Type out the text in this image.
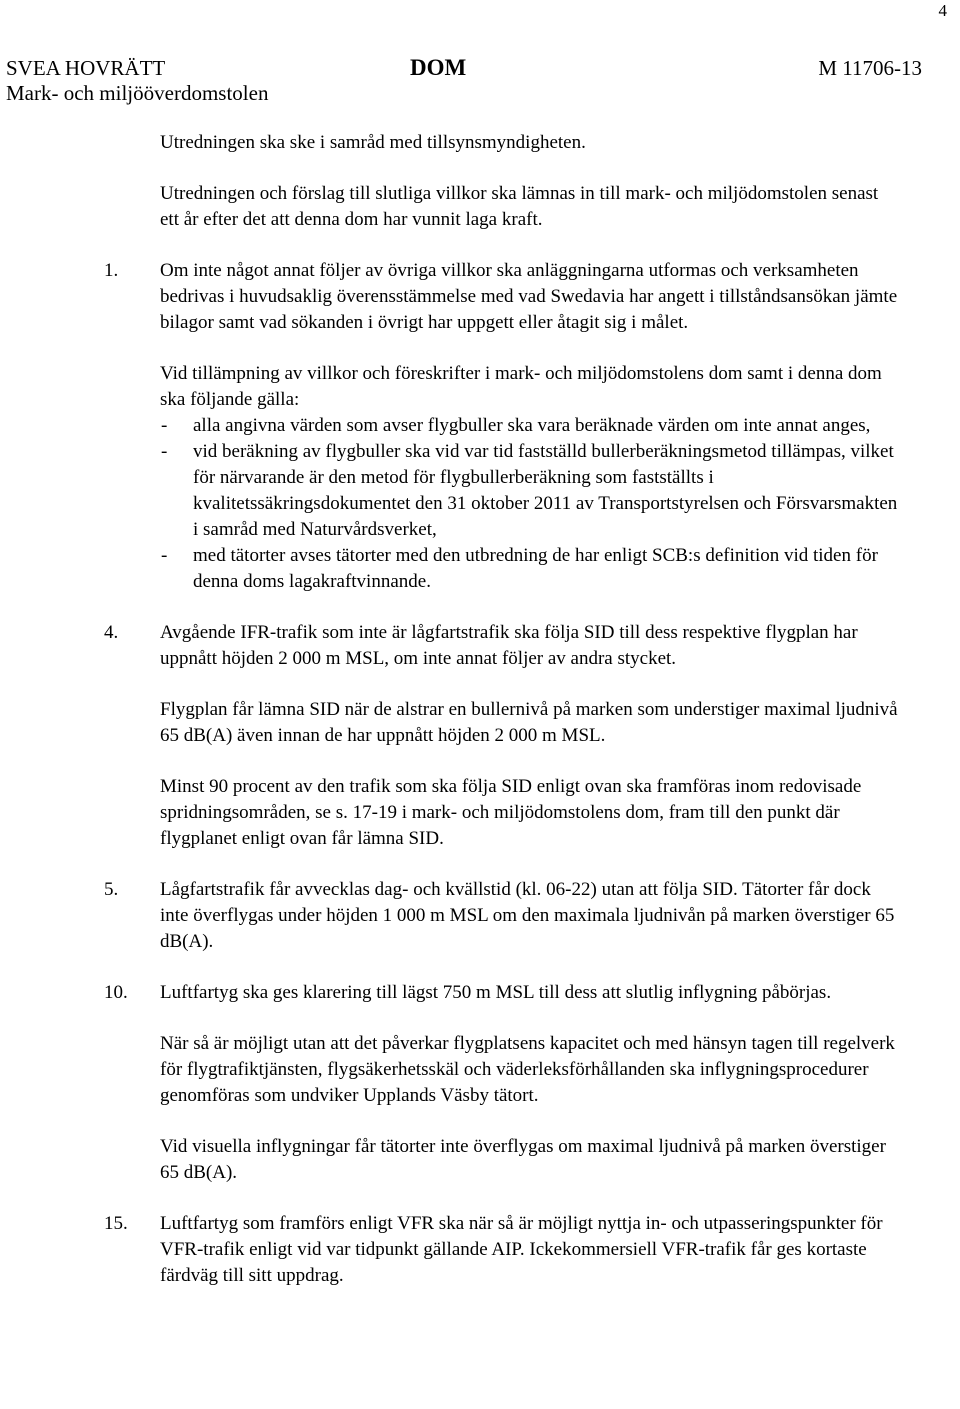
4
SVEA HOVRÄTT
Mark- och miljööverdomstolen
DOM	M 11706-13

Utredningen ska ske i samråd med tillsynsmyndigheten.

Utredningen och förslag till slutliga villkor ska lämnas in till mark- och miljödomstolen senast ett år efter det att denna dom har vunnit laga kraft.

1. Om inte något annat följer av övriga villkor ska anläggningarna utformas och verksamheten bedrivas i huvudsaklig överensstämmelse med vad Swedavia har angett i tillståndsansökan jämte bilagor samt vad sökanden i övrigt har uppgett eller åtagit sig i målet.

Vid tillämpning av villkor och föreskrifter i mark- och miljödomstolens dom samt i denna dom ska följande gälla:

- alla angivna värden som avser flygbuller ska vara beräknade värden om inte annat anges,

- vid beräkning av flygbuller ska vid var tid fastställd bullerberäkningsmetod tillämpas, vilket för närvarande är den metod för flygbullerberäkning som fastställts i kvalitetssäkringsdokumentet den 31 oktober 2011 av Transportstyrelsen och Försvarsmakten i samråd med Naturvårdsverket,

- med tätorter avses tätorter med den utbredning de har enligt SCB:s definition vid tiden för denna doms lagakraftvinnande.

4. Avgående IFR-trafik som inte är lågfartstrafik ska följa SID till dess respektive flygplan har uppnått höjden 2 000 m MSL, om inte annat följer av andra stycket.

Flygplan får lämna SID när de alstrar en bullernivå på marken som understiger maximal ljudnivå 65 dB(A) även innan de har uppnått höjden 2 000 m MSL.

Minst 90 procent av den trafik som ska följa SID enligt ovan ska framföras inom redovisade spridningsområden, se s. 17-19 i mark- och miljödomstolens dom, fram till den punkt där flygplanet enligt ovan får lämna SID.

5. Lågfartstrafik får avvecklas dag- och kvällstid (kl. 06-22) utan att följa SID. Tätorter får dock inte överflygas under höjden 1 000 m MSL om den maximala ljudnivån på marken överstiger 65 dB(A).

10. Luftfartyg ska ges klarering till lägst 750 m MSL till dess att slutlig inflygning påbörjas.

När så är möjligt utan att det påverkar flygplatsens kapacitet och med hänsyn tagen till regelverk för flygtrafiktjänsten, flygsäkerhetsskäl och väderleksförhållanden ska inflygningsprocedurer genomföras som undviker Upplands Väsby tätort.

Vid visuella inflygningar får tätorter inte överflygas om maximal ljudnivå på marken överstiger 65 dB(A).

15. Luftfartyg som framförs enligt VFR ska när så är möjligt nyttja in- och utpasseringspunkter för VFR-trafik enligt vid var tidpunkt gällande AIP. Ickekommersiell VFR-trafik får ges kortaste färdväg till sitt uppdrag.
